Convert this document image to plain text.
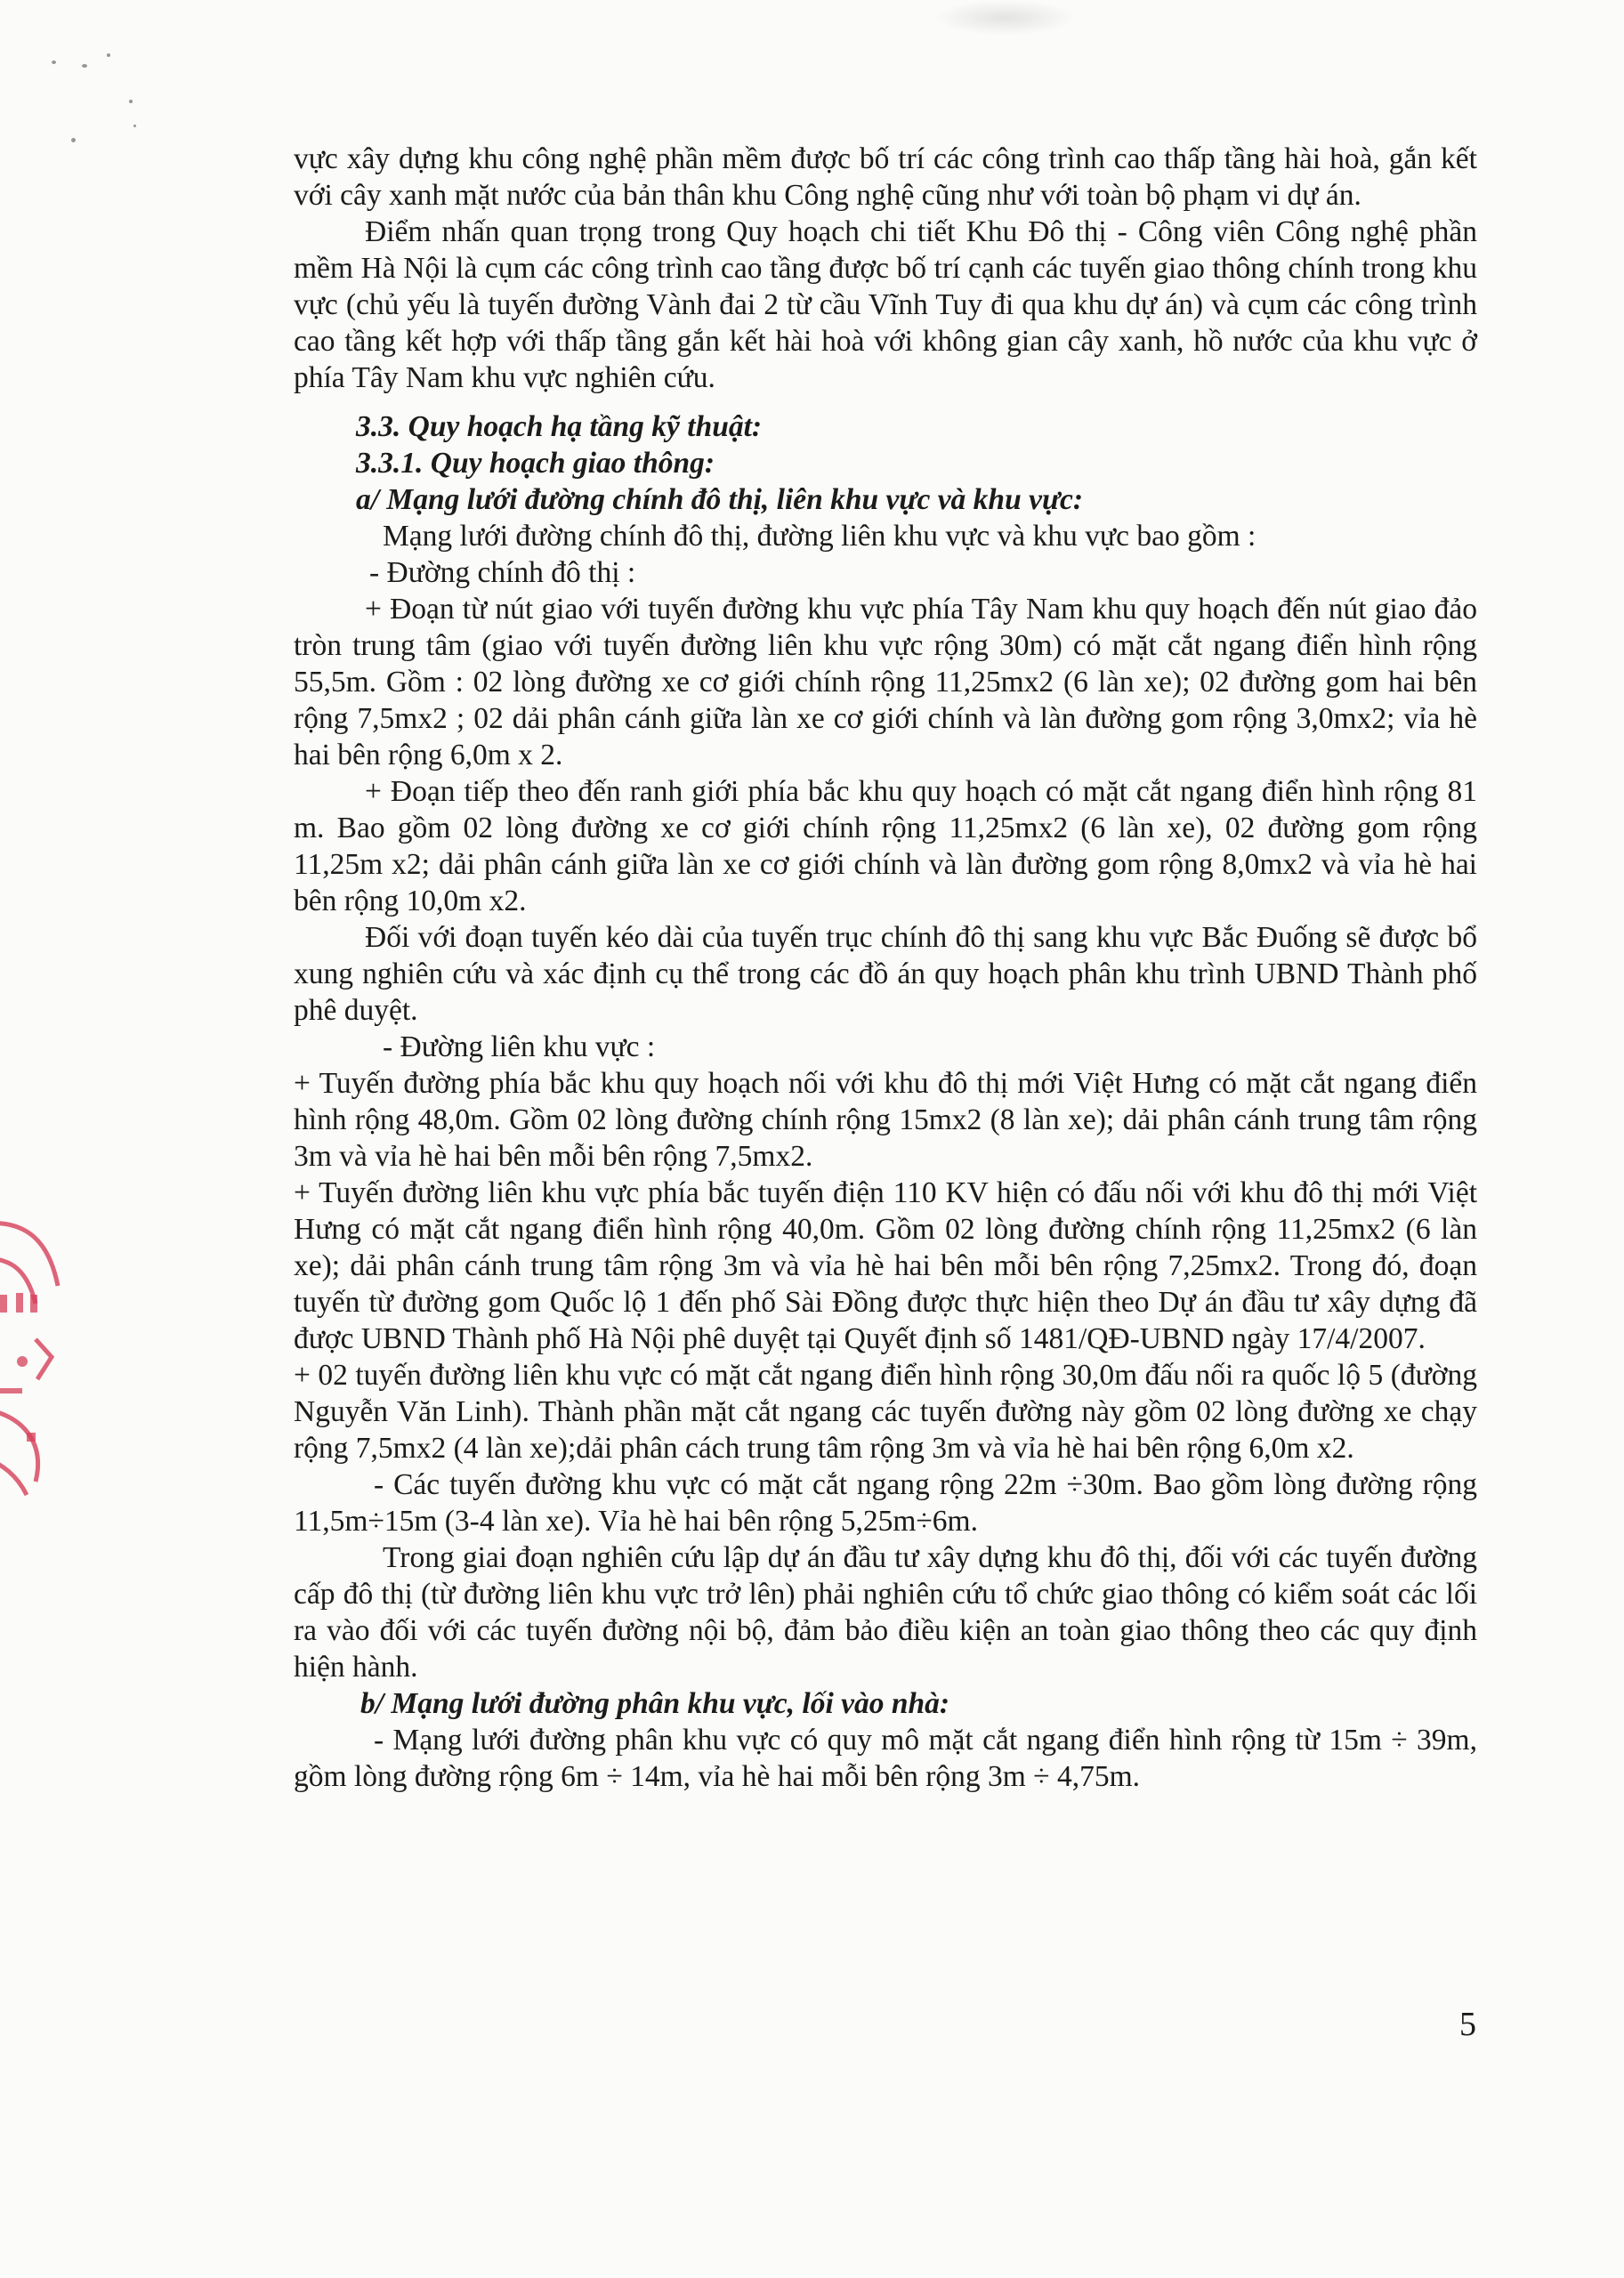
vực xây dựng khu công nghệ phần mềm được bố trí các công trình cao thấp tầng hài hoà, gắn kết với cây xanh mặt nước của bản thân khu Công nghệ cũng như với toàn bộ phạm vi dự án.

Điểm nhấn quan trọng trong Quy hoạch chi tiết Khu Đô thị - Công viên Công nghệ phần mềm Hà Nội là cụm các công trình cao tầng được bố trí cạnh các tuyến giao thông chính trong khu vực (chủ yếu là tuyến đường Vành đai 2 từ cầu Vĩnh Tuy đi qua khu dự án) và cụm các công trình cao tầng kết hợp với thấp tầng gắn kết hài hoà với không gian cây xanh, hồ nước của khu vực ở phía Tây Nam khu vực nghiên cứu.

3.3. Quy hoạch hạ tầng kỹ thuật:

3.3.1. Quy hoạch giao thông:

a/ Mạng lưới đường chính đô thị, liên khu vực và khu vực:

Mạng lưới đường chính đô thị, đường liên khu vực và khu vực bao gồm :

- Đường chính đô thị :

+ Đoạn từ nút giao với tuyến đường khu vực phía Tây Nam khu quy hoạch đến nút giao đảo tròn trung tâm (giao với tuyến đường liên khu vực rộng 30m) có mặt cắt ngang điển hình rộng 55,5m. Gồm : 02 lòng đường xe cơ giới chính rộng 11,25mx2 (6 làn xe); 02 đường gom hai bên rộng 7,5mx2 ; 02 dải phân cánh giữa làn xe cơ giới chính và làn đường gom rộng 3,0mx2; vỉa hè hai bên rộng 6,0m x 2.

+ Đoạn tiếp theo đến ranh giới phía bắc khu quy hoạch có mặt cắt ngang điển hình rộng 81 m. Bao gồm 02 lòng đường xe cơ giới chính rộng 11,25mx2 (6 làn xe), 02 đường gom rộng 11,25m x2; dải phân cánh giữa làn xe cơ giới chính và làn đường gom rộng 8,0mx2 và vỉa hè hai bên rộng 10,0m x2.

Đối với đoạn tuyến kéo dài của tuyến trục chính đô thị sang khu vực Bắc Đuống sẽ được bổ xung nghiên cứu và xác định cụ thể trong các đồ án quy hoạch phân khu trình UBND Thành phố phê duyệt.

- Đường liên khu vực :

+ Tuyến đường phía bắc khu quy hoạch nối với khu đô thị mới Việt Hưng có mặt cắt ngang điển hình rộng 48,0m. Gồm 02 lòng đường chính rộng 15mx2 (8 làn xe); dải phân cánh trung tâm rộng 3m và vỉa hè hai bên mỗi bên rộng 7,5mx2.

+ Tuyến đường liên khu vực phía bắc tuyến điện 110 KV hiện có đấu nối với khu đô thị mới Việt Hưng có mặt cắt ngang điển hình rộng 40,0m. Gồm 02 lòng đường chính rộng 11,25mx2 (6 làn xe); dải phân cánh trung tâm rộng 3m và vỉa hè hai bên mỗi bên rộng 7,25mx2. Trong đó, đoạn tuyến từ đường gom Quốc lộ 1 đến phố Sài Đồng được thực hiện theo Dự án đầu tư xây dựng đã được UBND Thành phố Hà Nội phê duyệt tại Quyết định số 1481/QĐ-UBND ngày 17/4/2007.

+ 02 tuyến đường liên khu vực có mặt cắt ngang điển hình rộng 30,0m đấu nối ra quốc lộ 5 (đường Nguyễn Văn Linh). Thành phần mặt cắt ngang các tuyến đường này gồm 02 lòng đường xe chạy rộng 7,5mx2 (4 làn xe);dải phân cách trung tâm rộng 3m và vỉa hè hai bên rộng 6,0m x2.

- Các tuyến đường khu vực có mặt cắt ngang rộng 22m ÷30m. Bao gồm lòng đường rộng 11,5m÷15m (3-4 làn xe). Vỉa hè hai bên rộng 5,25m÷6m.

Trong giai đoạn nghiên cứu lập dự án đầu tư xây dựng khu đô thị, đối với các tuyến đường cấp đô thị (từ đường liên khu vực trở lên) phải nghiên cứu tổ chức giao thông có kiểm soát các lối ra vào đối với các tuyến đường nội bộ, đảm bảo điều kiện an toàn giao thông theo các quy định hiện hành.

b/ Mạng lưới đường phân khu vực, lối vào nhà:

- Mạng lưới đường phân khu vực có quy mô mặt cắt ngang điển hình rộng từ 15m ÷ 39m, gồm lòng đường rộng 6m ÷ 14m, vỉa hè hai mỗi bên rộng 3m ÷ 4,75m.

5
